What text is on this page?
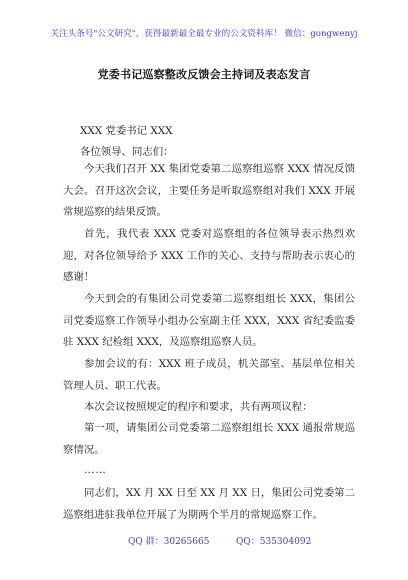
关注头条号"公文研究"，获得最新最全最专业的公文资料库！ 微信：gongwenyj
党委书记巡察整改反馈会主持词及表态发言
XXX 党委书记 XXX
各位领导、同志们：

今天我们召开 XX 集团党委第二巡察组巡察 XXX 情况反馈大会。召开这次会议，主要任务是听取巡察组对我们 XXX 开展常规巡察的结果反馈。

首先，我代表 XXX 党委对巡察组的各位领导表示热烈欢迎，对各位领导给予 XXX 工作的关心、支持与帮助表示衷心的感谢！

今天到会的有集团公司党委第二巡察组组长 XXX，集团公司党委巡察工作领导小组办公室副主任 XXX，XXX 省纪委监委驻 XXX 纪检组 XXX，及巡察组巡察人员。

参加会议的有：XXX 班子成员，机关部室、基层单位相关管理人员、职工代表。

本次会议按照规定的程序和要求，共有两项议程：

第一项，请集团公司党委第二巡察组组长 XXX 通报常规巡察情况。

……

同志们，XX 月 XX 日至 XX 月 XX 日，集团公司党委第二巡察组进驻我单位开展了为期两个半月的常规巡察工作。

QQ 群：30265665	QQ：535304092
